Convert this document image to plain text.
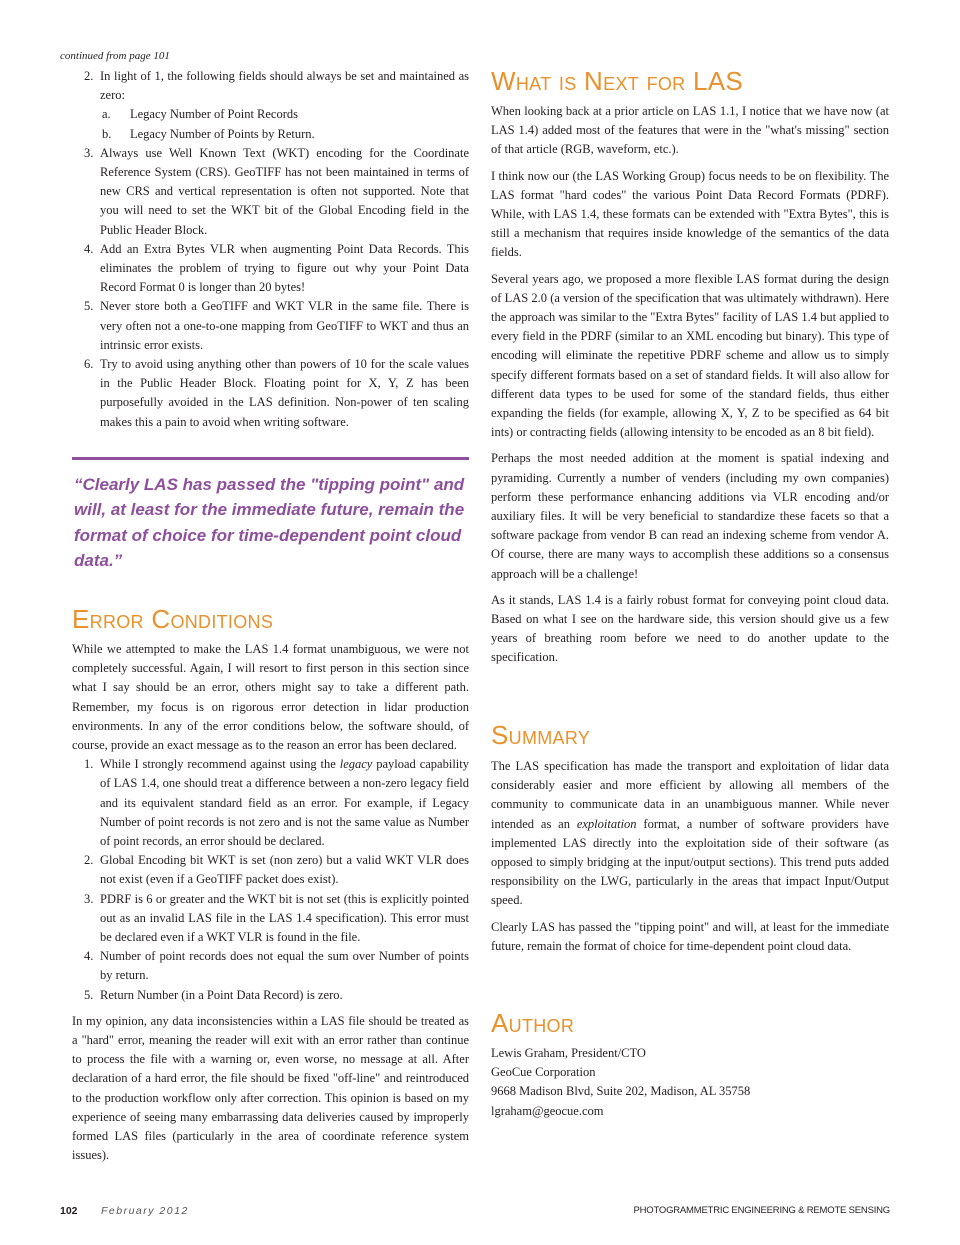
continued from page 101
2. In light of 1, the following fields should always be set and maintained as zero:
a. Legacy Number of Point Records
b. Legacy Number of Points by Return.
3. Always use Well Known Text (WKT) encoding for the Coordinate Reference System (CRS). GeoTIFF has not been maintained in terms of new CRS and vertical representation is often not supported. Note that you will need to set the WKT bit of the Global Encoding field in the Public Header Block.
4. Add an Extra Bytes VLR when augmenting Point Data Records. This eliminates the problem of trying to figure out why your Point Data Record Format 0 is longer than 20 bytes!
5. Never store both a GeoTIFF and WKT VLR in the same file. There is very often not a one-to-one mapping from GeoTIFF to WKT and thus an intrinsic error exists.
6. Try to avoid using anything other than powers of 10 for the scale values in the Public Header Block. Floating point for X, Y, Z has been purposefully avoided in the LAS definition. Non-power of ten scaling makes this a pain to avoid when writing software.
“Clearly LAS has passed the "tipping point" and will, at least for the immediate future, remain the format of choice for time-dependent point cloud data.”
Error Conditions

While we attempted to make the LAS 1.4 format unambiguous, we were not completely successful. Again, I will resort to first person in this section since what I say should be an error, others might say to take a different path. Remember, my focus is on rigorous error detection in lidar production environments. In any of the error conditions below, the software should, of course, provide an exact message as to the reason an error has been declared.

1. While I strongly recommend against using the legacy payload capability of LAS 1.4, one should treat a difference between a non-zero legacy field and its equivalent standard field as an error. For example, if Legacy Number of point records is not zero and is not the same value as Number of point records, an error should be declared.
2. Global Encoding bit WKT is set (non zero) but a valid WKT VLR does not exist (even if a GeoTIFF packet does exist).
3. PDRF is 6 or greater and the WKT bit is not set (this is explicitly pointed out as an invalid LAS file in the LAS 1.4 specification). This error must be declared even if a WKT VLR is found in the file.
4. Number of point records does not equal the sum over Number of points by return.
5. Return Number (in a Point Data Record) is zero.

In my opinion, any data inconsistencies within a LAS file should be treated as a "hard" error, meaning the reader will exit with an error rather than continue to process the file with a warning or, even worse, no message at all. After declaration of a hard error, the file should be fixed "off-line" and reintroduced to the production workflow only after correction. This opinion is based on my experience of seeing many embarrassing data deliveries caused by improperly formed LAS files (particularly in the area of coordinate reference system issues).

What is Next for LAS

When looking back at a prior article on LAS 1.1, I notice that we have now (at LAS 1.4) added most of the features that were in the "what's missing" section of that article (RGB, waveform, etc.).

I think now our (the LAS Working Group) focus needs to be on flexibility. The LAS format "hard codes" the various Point Data Record Formats (PDRF). While, with LAS 1.4, these formats can be extended with "Extra Bytes", this is still a mechanism that requires inside knowledge of the semantics of the data fields.

Several years ago, we proposed a more flexible LAS format during the design of LAS 2.0 (a version of the specification that was ultimately withdrawn). Here the approach was similar to the "Extra Bytes" facility of LAS 1.4 but applied to every field in the PDRF (similar to an XML encoding but binary). This type of encoding will eliminate the repetitive PDRF scheme and allow us to simply specify different formats based on a set of standard fields. It will also allow for different data types to be used for some of the standard fields, thus either expanding the fields (for example, allowing X, Y, Z to be specified as 64 bit ints) or contracting fields (allowing intensity to be encoded as an 8 bit field).

Perhaps the most needed addition at the moment is spatial indexing and pyramiding. Currently a number of venders (including my own companies) perform these performance enhancing additions via VLR encoding and/or auxiliary files. It will be very beneficial to standardize these facets so that a software package from vendor B can read an indexing scheme from vendor A. Of course, there are many ways to accomplish these additions so a consensus approach will be a challenge!

As it stands, LAS 1.4 is a fairly robust format for conveying point cloud data. Based on what I see on the hardware side, this version should give us a few years of breathing room before we need to do another update to the specification.

Summary

The LAS specification has made the transport and exploitation of lidar data considerably easier and more efficient by allowing all members of the community to communicate data in an unambiguous manner. While never intended as an exploitation format, a number of software providers have implemented LAS directly into the exploitation side of their software (as opposed to simply bridging at the input/output sections). This trend puts added responsibility on the LWG, particularly in the areas that impact Input/Output speed.

Clearly LAS has passed the "tipping point" and will, at least for the immediate future, remain the format of choice for time-dependent point cloud data.

Author

Lewis Graham, President/CTO

GeoCue Corporation

9668 Madison Blvd, Suite 202, Madison, AL 35758

lgraham@geocue.com

102 February 2012	PHOTOGRAMMETRIC ENGINEERING & REMOTE SENSING
